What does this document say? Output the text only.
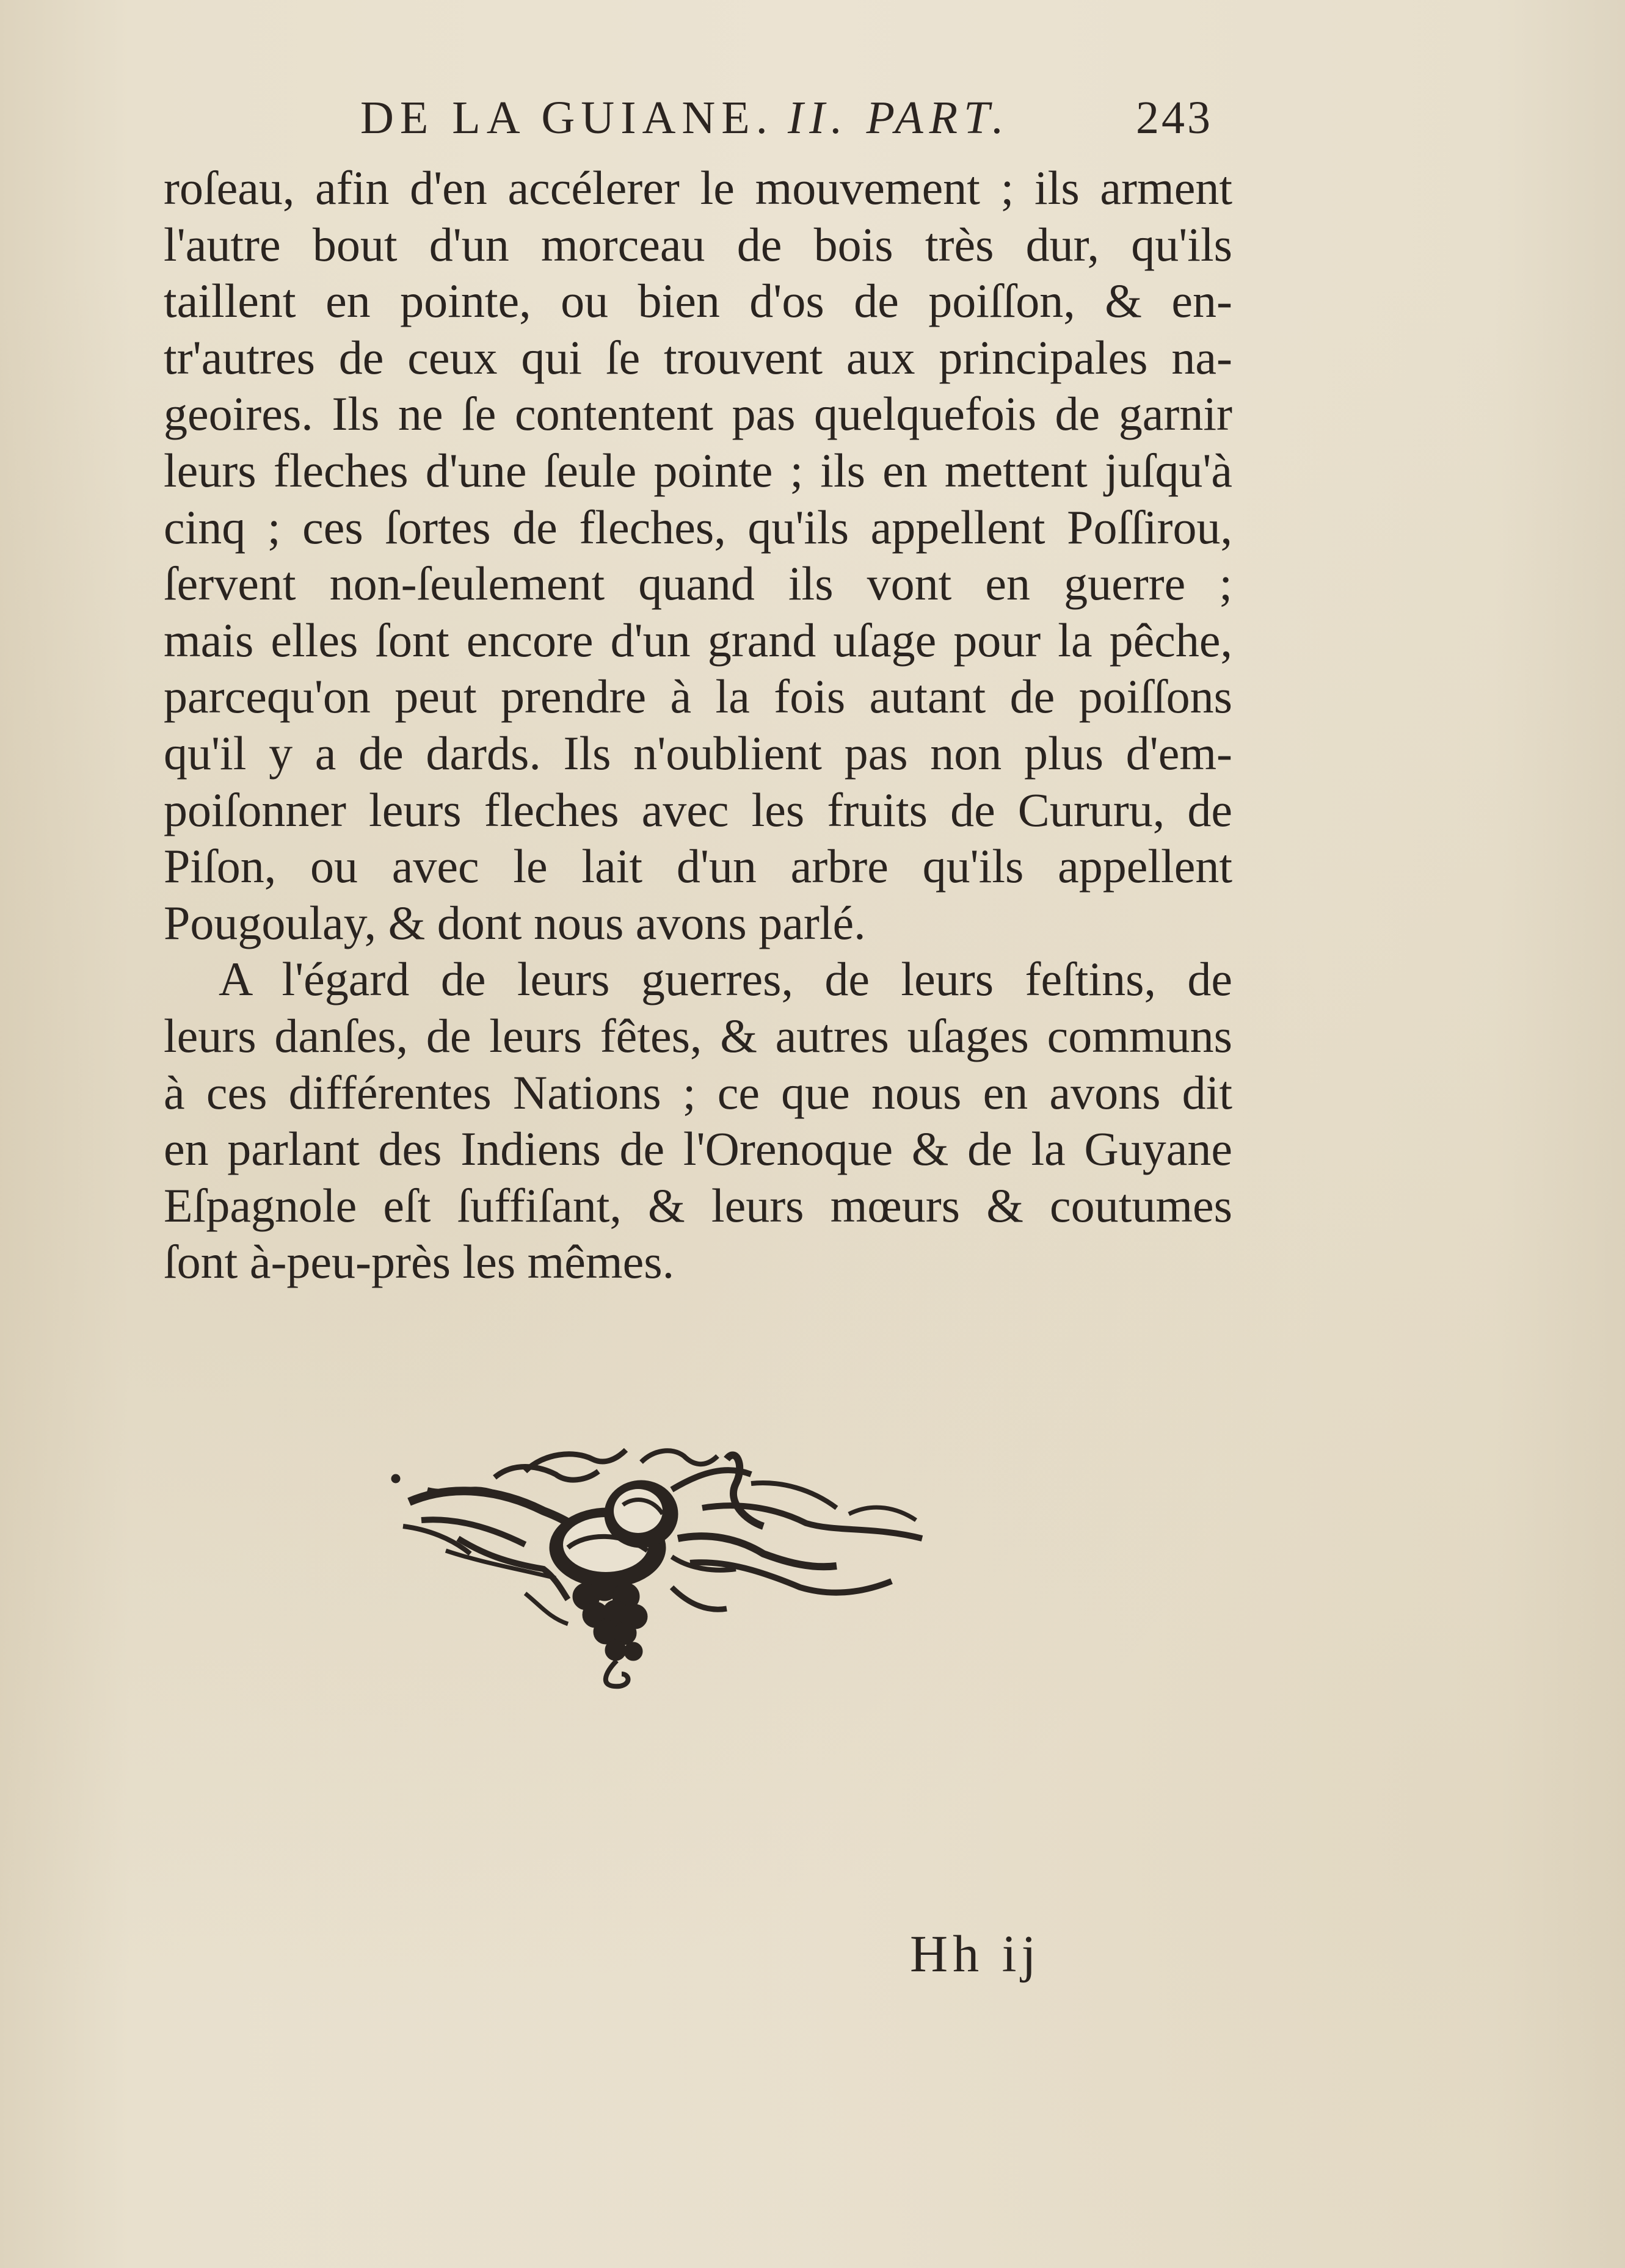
DE LA GUIANE. II. PART.	243
roſeau, afin d'en accélerer le mouvement ; ils arment
l'autre bout d'un morceau de bois très dur, qu'ils
taillent en pointe, ou bien d'os de poiſſon, & en-
tr'autres de ceux qui ſe trouvent aux principales na-
geoires. Ils ne ſe contentent pas quelquefois de garnir
leurs fleches d'une ſeule pointe ; ils en mettent juſqu'à
cinq ; ces ſortes de fleches, qu'ils appellent Poſſirou,
ſervent non-ſeulement quand ils vont en guerre ;
mais elles ſont encore d'un grand uſage pour la pêche,
parcequ'on peut prendre à la fois autant de poiſſons
qu'il y a de dards. Ils n'oublient pas non plus d'em-
poiſonner leurs fleches avec les fruits de Cururu, de
Piſon, ou avec le lait d'un arbre qu'ils appellent
Pougoulay, & dont nous avons parlé.
A l'égard de leurs guerres, de leurs feſtins, de
leurs danſes, de leurs fêtes, & autres uſages communs
à ces différentes Nations ; ce que nous en avons dit
en parlant des Indiens de l'Orenoque & de la Guyane
Eſpagnole eſt ſuffiſant, & leurs mœurs & coutumes
ſont à-peu-près les mêmes.
Hh ij
